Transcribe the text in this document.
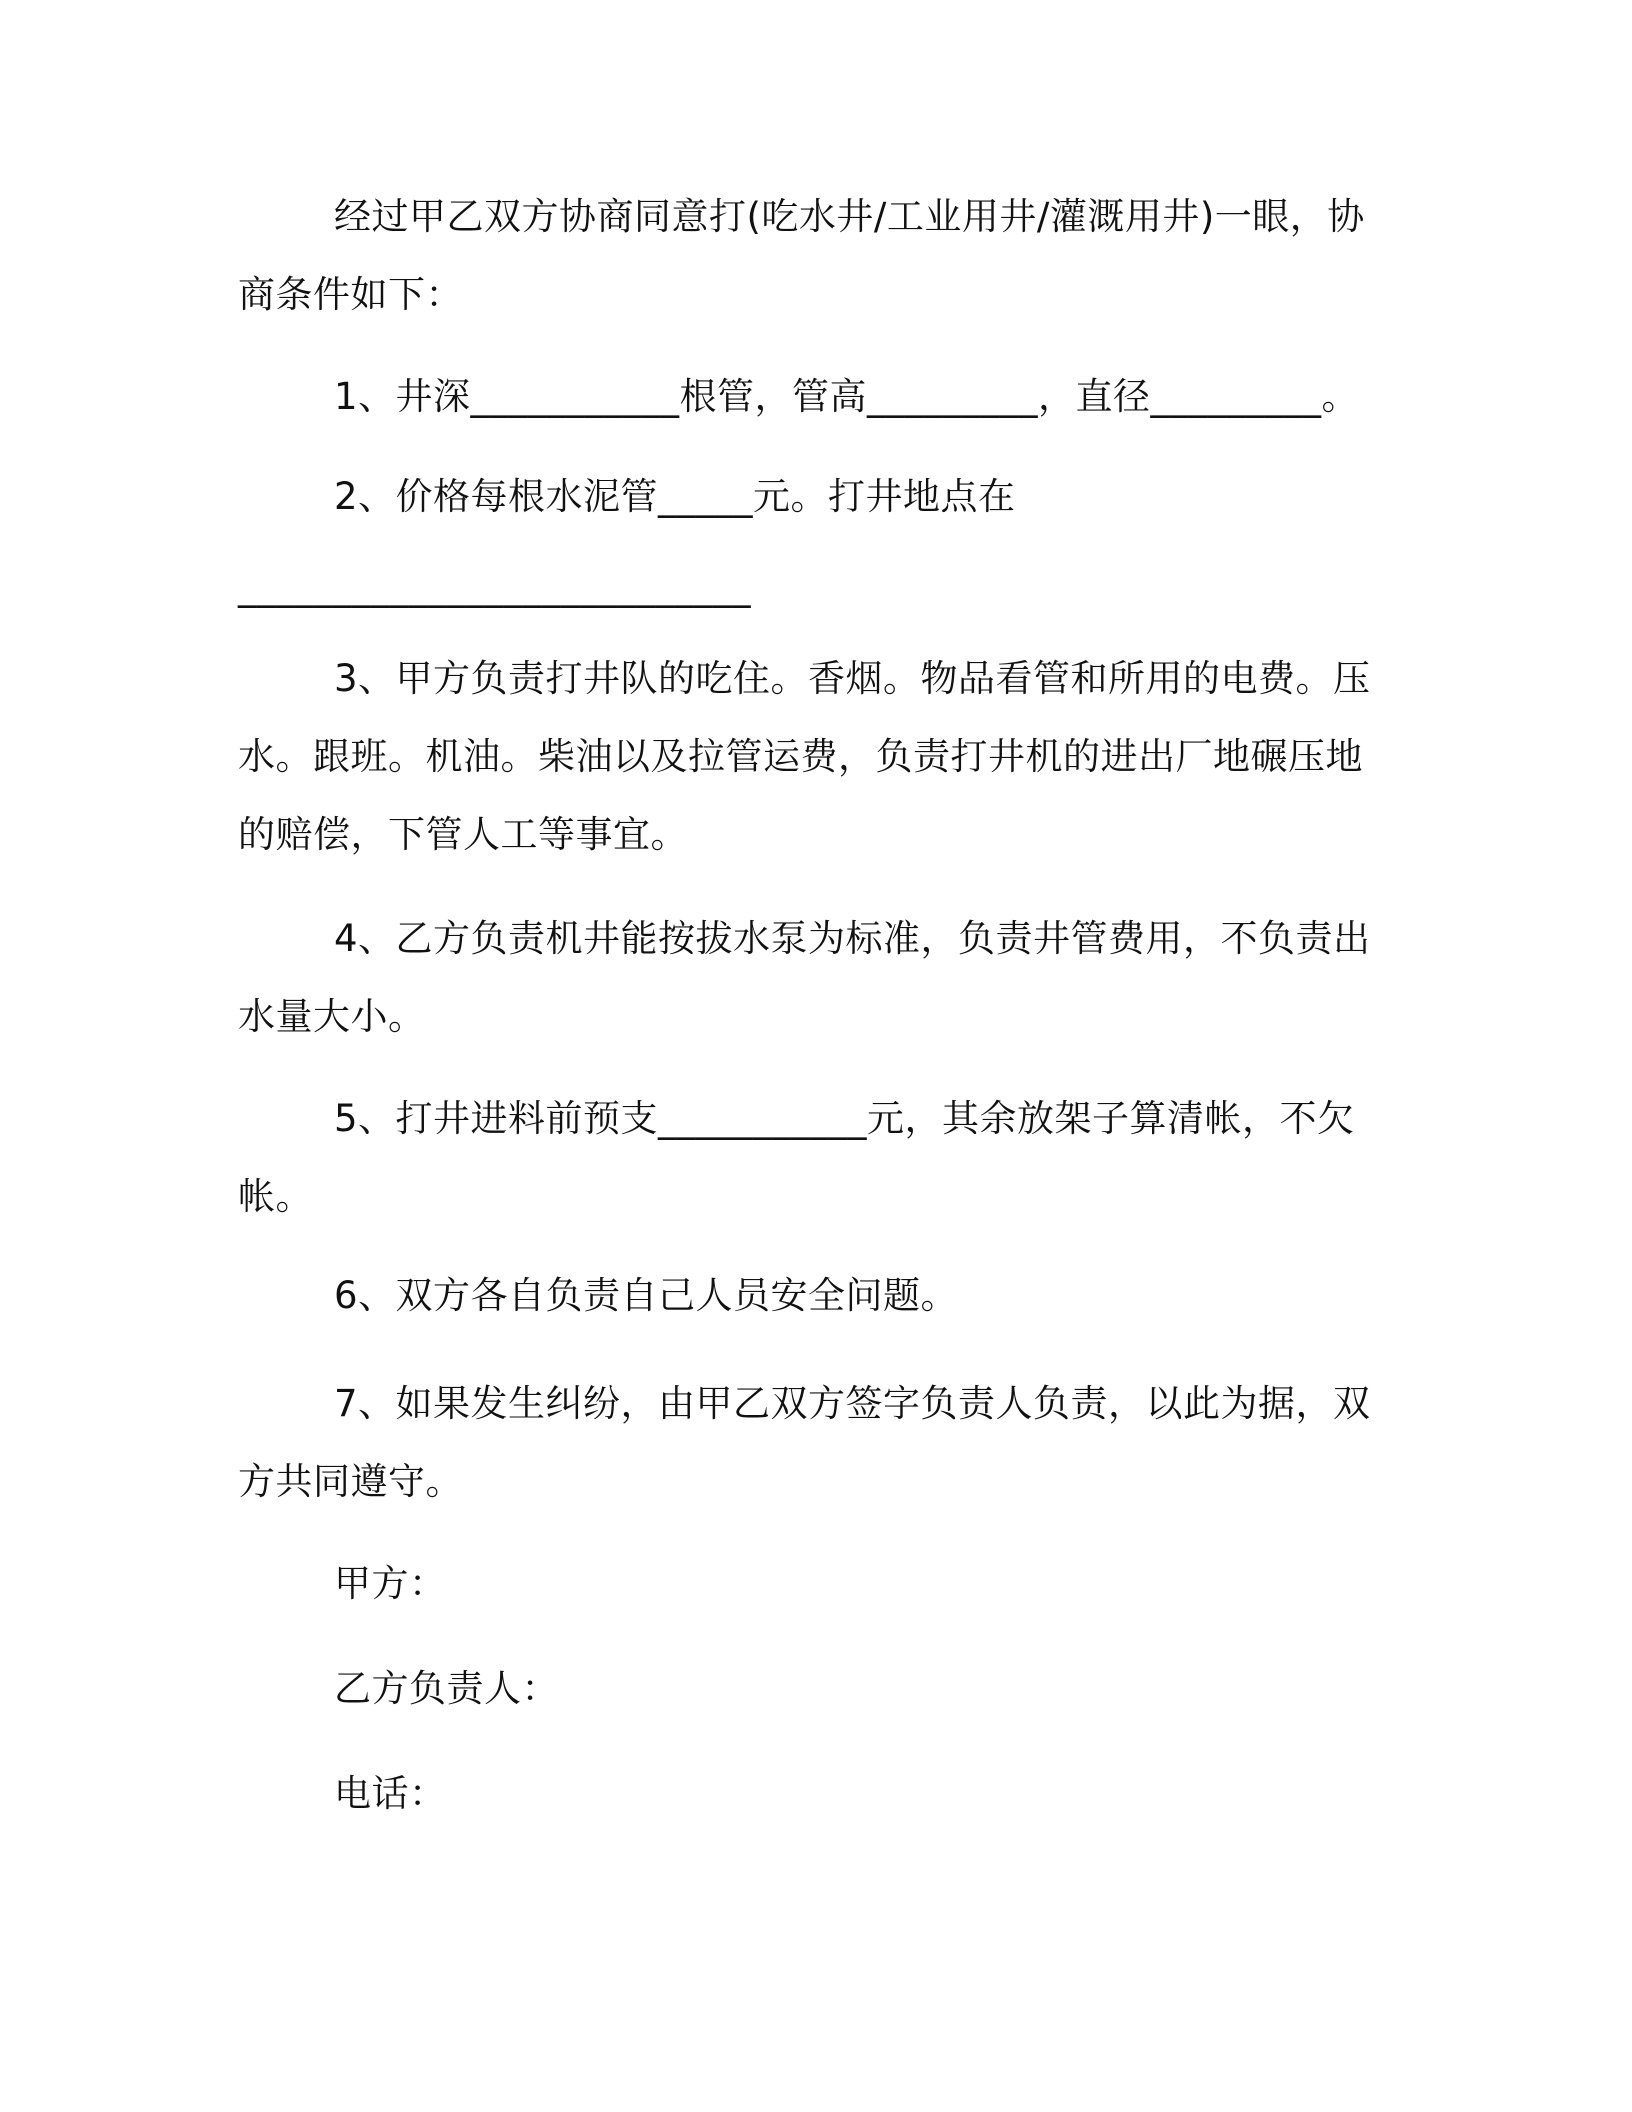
经过甲乙双方协商同意打(吃水井/工业用井/灌溉用井)一眼，协商条件如下：
1、井深___________根管，管高_________，直径_________。
2、价格每根水泥管_____元。打井地点在
___________________________
3、甲方负责打井队的吃住。香烟。物品看管和所用的电费。压水。跟班。机油。柴油以及拉管运费，负责打井机的进出厂地碾压地的赔偿，下管人工等事宜。
4、乙方负责机井能按拔水泵为标准，负责井管费用，不负责出水量大小。
5、打井进料前预支___________元，其余放架子算清帐，不欠帐。
6、双方各自负责自己人员安全问题。
7、如果发生纠纷，由甲乙双方签字负责人负责，以此为据，双方共同遵守。
甲方：
乙方负责人：
电话：
